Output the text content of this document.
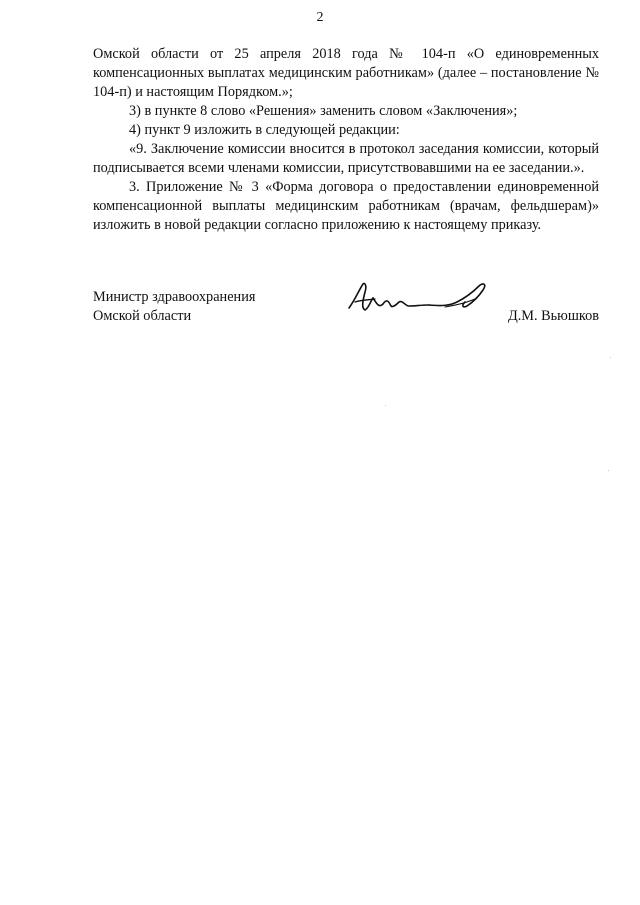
2

Омской области от 25 апреля 2018 года № 104-п «О единовременных компенсационных выплатах медицинским работникам» (далее – постановление № 104-п) и настоящим Порядком.»;

3) в пункте 8 слово «Решения» заменить словом «Заключения»;

4) пункт 9 изложить в следующей редакции:

«9. Заключение комиссии вносится в протокол заседания комиссии, который подписывается всеми членами комиссии, присутствовавшими на ее заседании.».

3. Приложение № 3 «Форма договора о предоставлении единовременной компенсационной выплаты медицинским работникам (врачам, фельдшерам)» изложить в новой редакции согласно приложению к настоящему приказу.

Министр здравоохранения
Омской области	Д.М. Вьюшков
